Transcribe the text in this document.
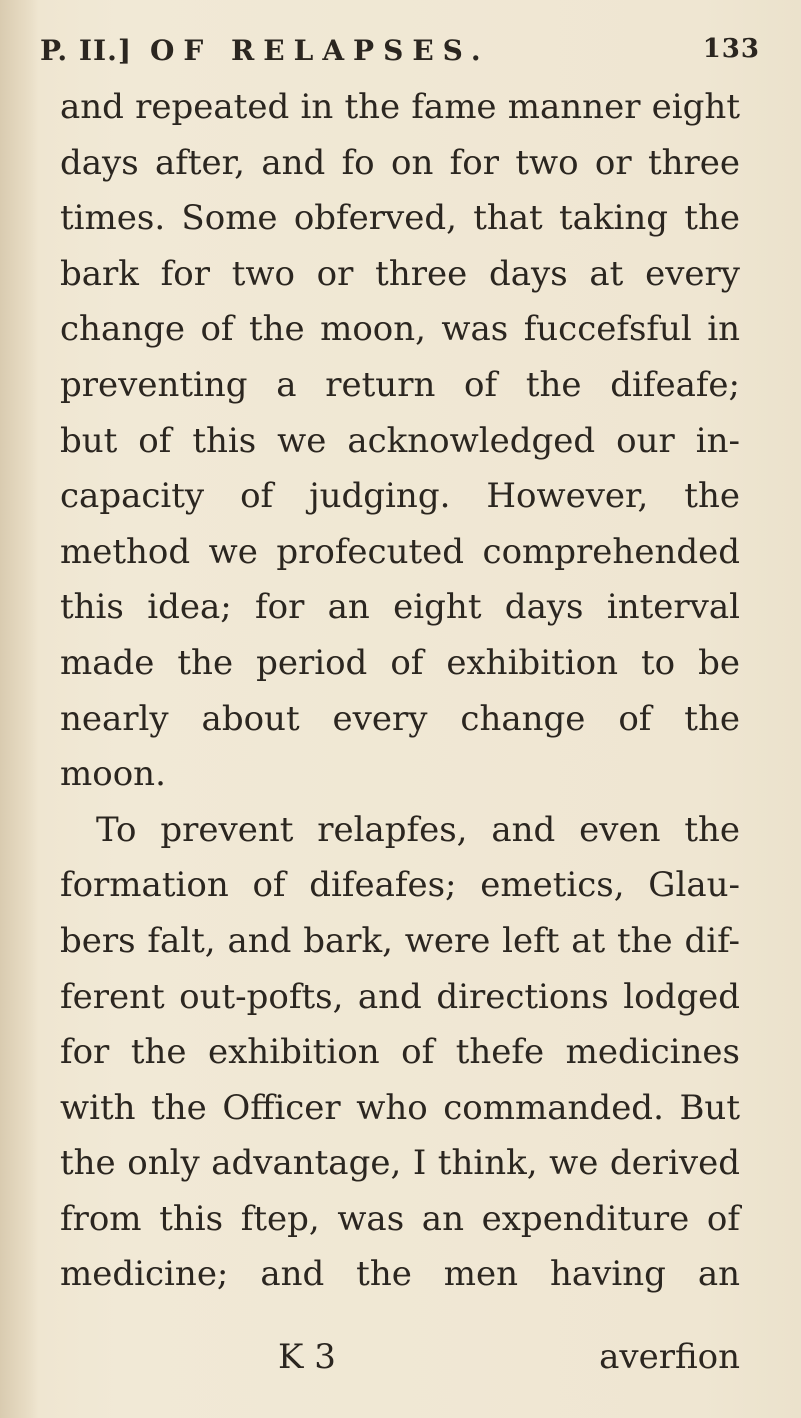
P. II.] OF RELAPSES.	133
and repeated in the fame manner eight
days after, and fo on for two or three
times. Some obferved, that taking the
bark for two or three days at every
change of the moon, was fuccefsful in
preventing a return of the difeafe;
but of this we acknowledged our in-
capacity of judging. However, the
method we profecuted comprehended
this idea; for an eight days interval
made the period of exhibition to be
nearly about every change of the
moon.
To prevent relapfes, and even the
formation of difeafes; emetics, Glau-
bers falt, and bark, were left at the dif-
ferent out-pofts, and directions lodged
for the exhibition of thefe medicines
with the Officer who commanded. But
the only advantage, I think, we derived
from this ftep, was an expenditure of
medicine; and the men having an
K 3	averfion
